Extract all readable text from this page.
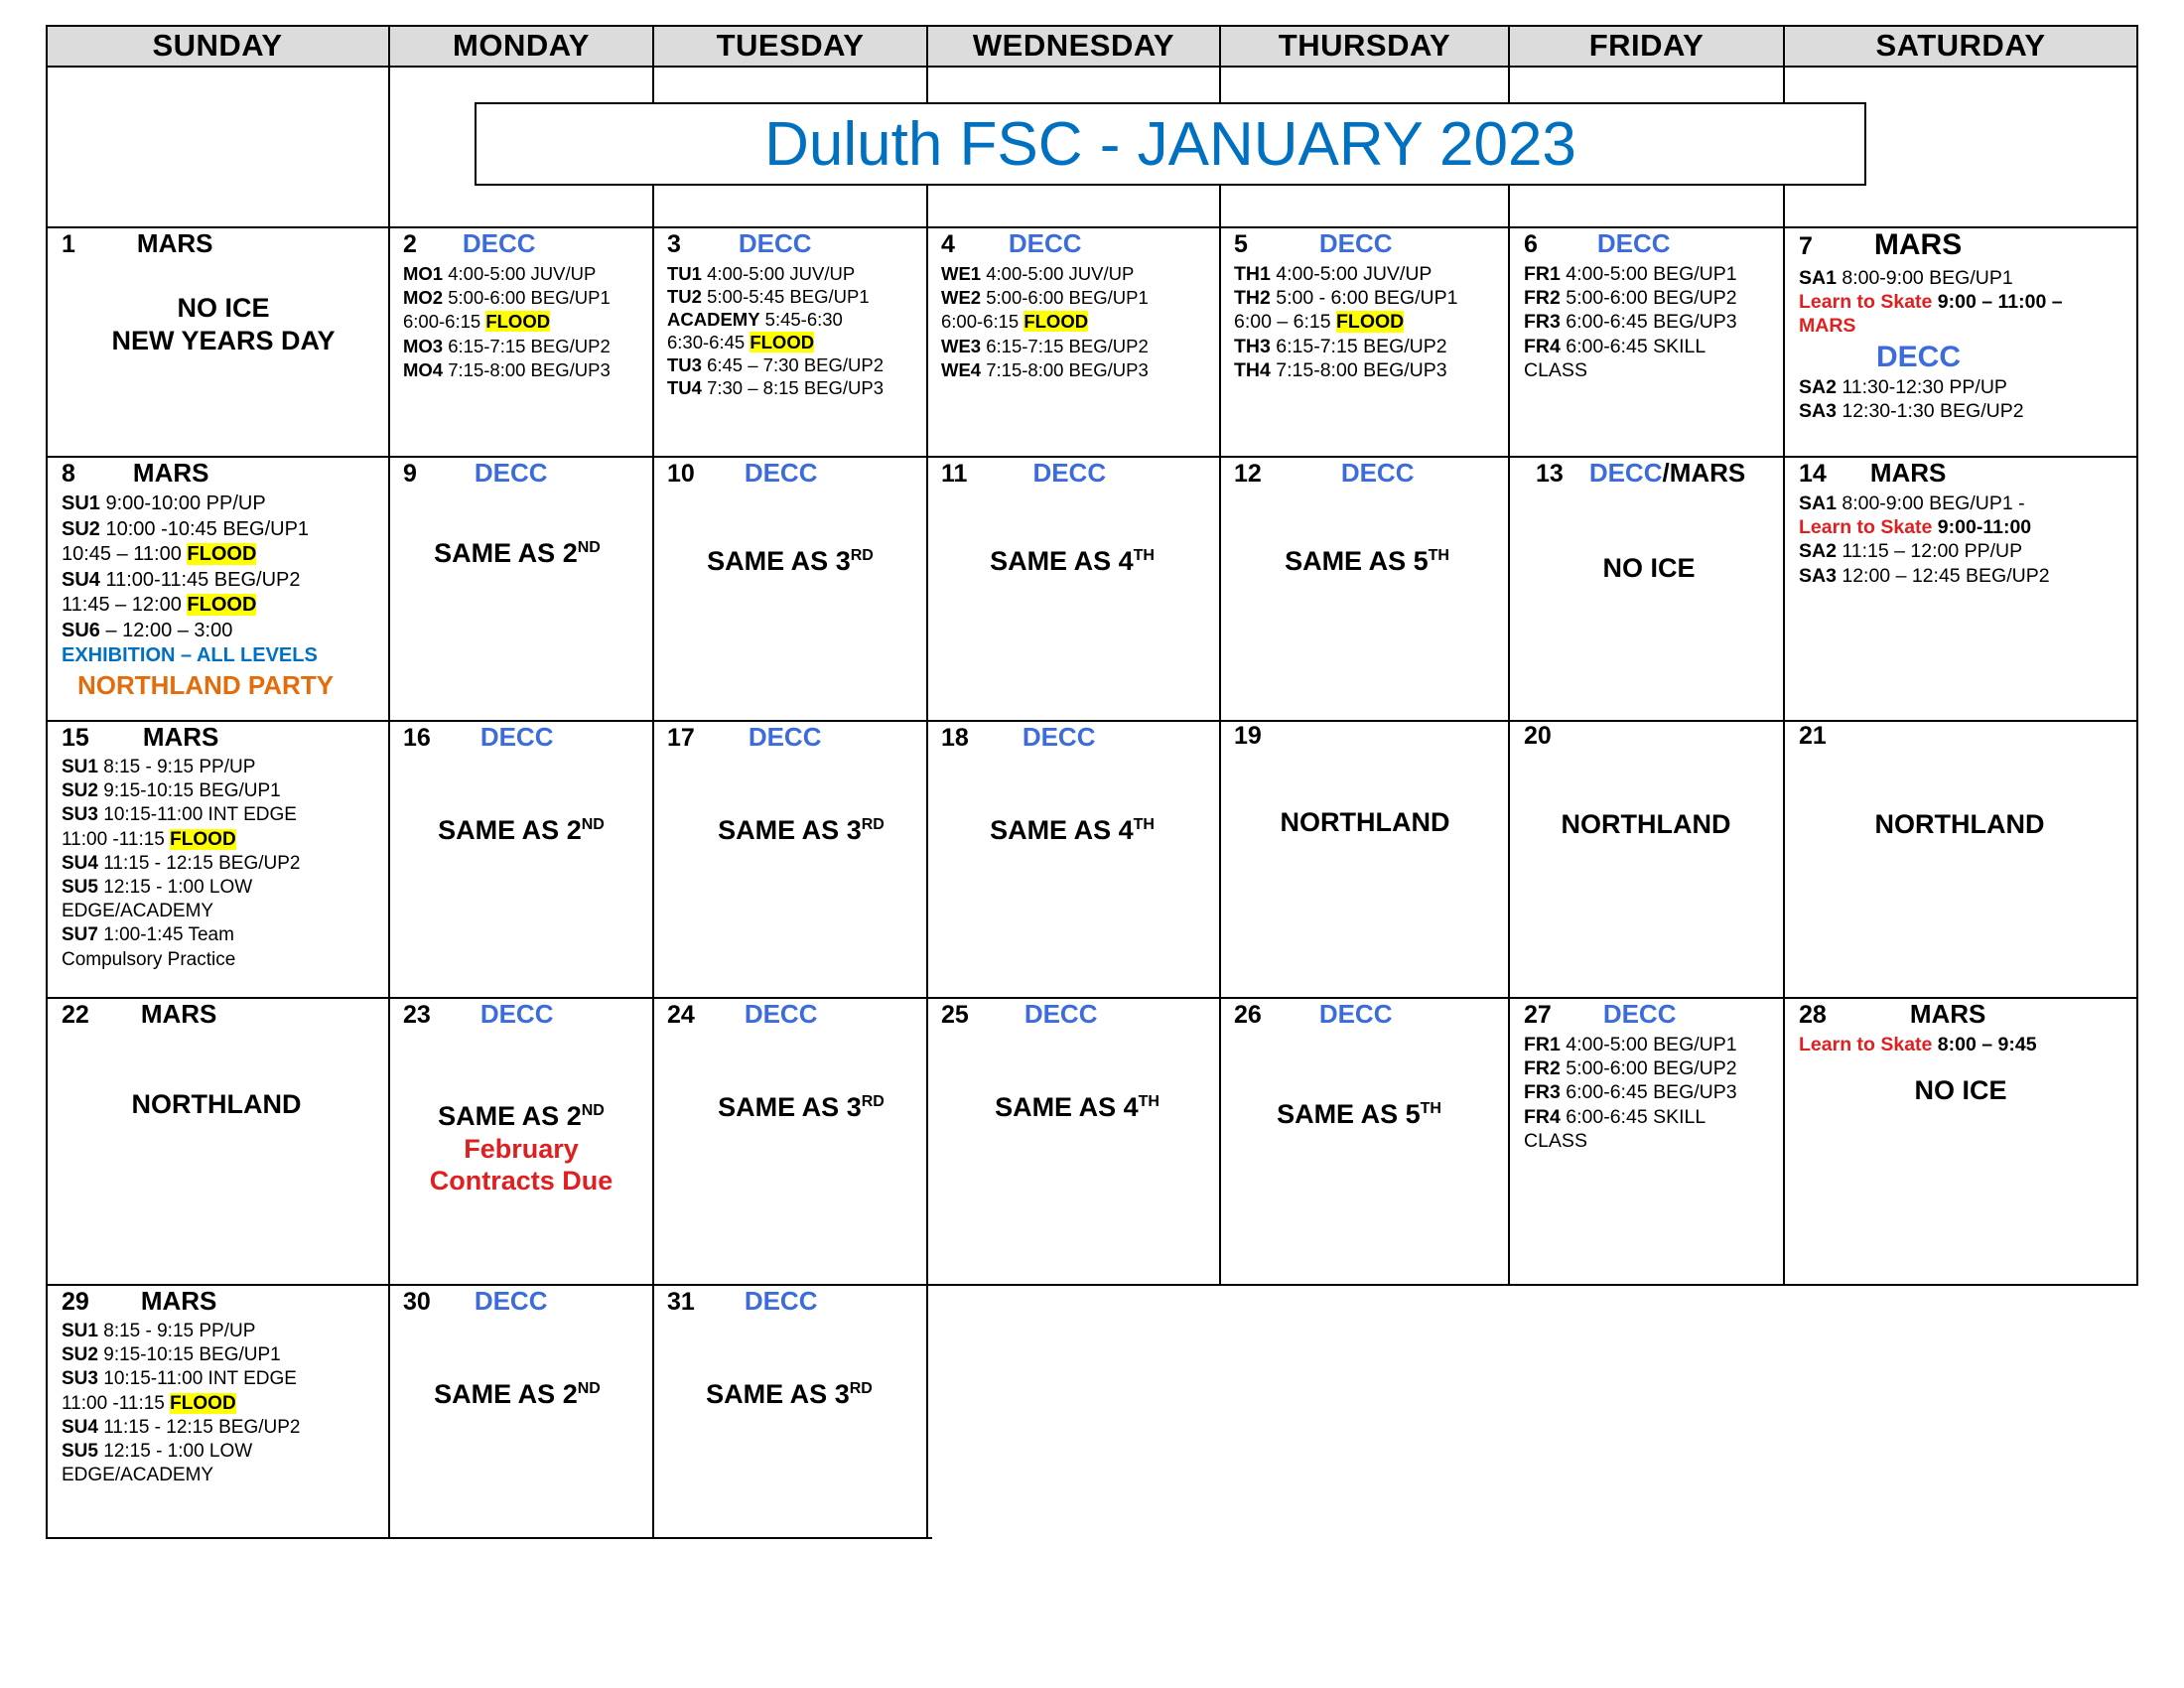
SUNDAY	MONDAY	TUESDAY	WEDNESDAY	THURSDAY	FRIDAY	SATURDAY
Duluth FSC - JANUARY 2023
1 MARS
NO ICE
NEW YEARS DAY
2 DECC
MO1 4:00-5:00 JUV/UP
MO2 5:00-6:00 BEG/UP1
6:00-6:15 FLOOD
MO3 6:15-7:15 BEG/UP2
MO4 7:15-8:00 BEG/UP3
3 DECC
TU1 4:00-5:00 JUV/UP
TU2 5:00-5:45 BEG/UP1
ACADEMY 5:45-6:30
6:30-6:45 FLOOD
TU3 6:45 – 7:30 BEG/UP2
TU4 7:30 – 8:15 BEG/UP3
4 DECC
WE1 4:00-5:00 JUV/UP
WE2 5:00-6:00 BEG/UP1
6:00-6:15 FLOOD
WE3 6:15-7:15 BEG/UP2
WE4 7:15-8:00 BEG/UP3
5	DECC
TH1 4:00-5:00 JUV/UP
TH2 5:00 - 6:00 BEG/UP1
6:00 – 6:15 FLOOD
TH3 6:15-7:15 BEG/UP2
TH4 7:15-8:00 BEG/UP3
6 DECC
FR1 4:00-5:00 BEG/UP1
FR2 5:00-6:00 BEG/UP2
FR3 6:00-6:45 BEG/UP3
FR4 6:00-6:45 SKILL
CLASS
7 MARS
SA1 8:00-9:00 BEG/UP1
Learn to Skate 9:00 – 11:00 –
MARS
DECC
SA2 11:30-12:30 PP/UP
SA3 12:30-1:30 BEG/UP2
8 MARS
SU1 9:00-10:00 PP/UP
SU2 10:00 -10:45 BEG/UP1
10:45 – 11:00 FLOOD
SU4 11:00-11:45 BEG/UP2
11:45 – 12:00 FLOOD
SU6 – 12:00 – 3:00
EXHIBITION – ALL LEVELS
NORTHLAND PARTY
9 DECC
SAME AS 2ND
10 DECC
SAME AS 3RD
11	DECC
SAME AS 4TH
12	DECC
SAME AS 5TH
13 DECC /MARS
NO ICE
14 MARS
SA1 8:00-9:00 BEG/UP1 -
Learn to Skate 9:00-11:00
SA2 11:15 – 12:00 PP/UP
SA3 12:00 – 12:45 BEG/UP2
15 MARS
SU1 8:15 - 9:15 PP/UP
SU2 9:15-10:15 BEG/UP1
SU3 10:15-11:00 INT EDGE
11:00 -11:15 FLOOD
SU4 11:15 - 12:15 BEG/UP2
SU5 12:15 - 1:00 LOW
EDGE/ACADEMY
SU7 1:00-1:45 Team
Compulsory Practice
16 DECC
SAME AS 2ND
17 DECC
SAME AS 3RD
18 DECC
SAME AS 4TH
19
NORTHLAND
20
NORTHLAND
21
NORTHLAND
22 MARS
NORTHLAND
23 DECC
SAME AS 2ND
February
Contracts Due
24 DECC
SAME AS 3RD
25 DECC
SAME AS 4TH
26 DECC
SAME AS 5TH
27 DECC
FR1 4:00-5:00 BEG/UP1
FR2 5:00-6:00 BEG/UP2
FR3 6:00-6:45 BEG/UP3
FR4 6:00-6:45 SKILL
CLASS
28	MARS
Learn to Skate 8:00 – 9:45
NO ICE
29 MARS
SU1 8:15 - 9:15 PP/UP
SU2 9:15-10:15 BEG/UP1
SU3 10:15-11:00 INT EDGE
11:00 -11:15 FLOOD
SU4 11:15 - 12:15 BEG/UP2
SU5 12:15 - 1:00 LOW
EDGE/ACADEMY
30 DECC
SAME AS 2ND
31 DECC
SAME AS 3RD
